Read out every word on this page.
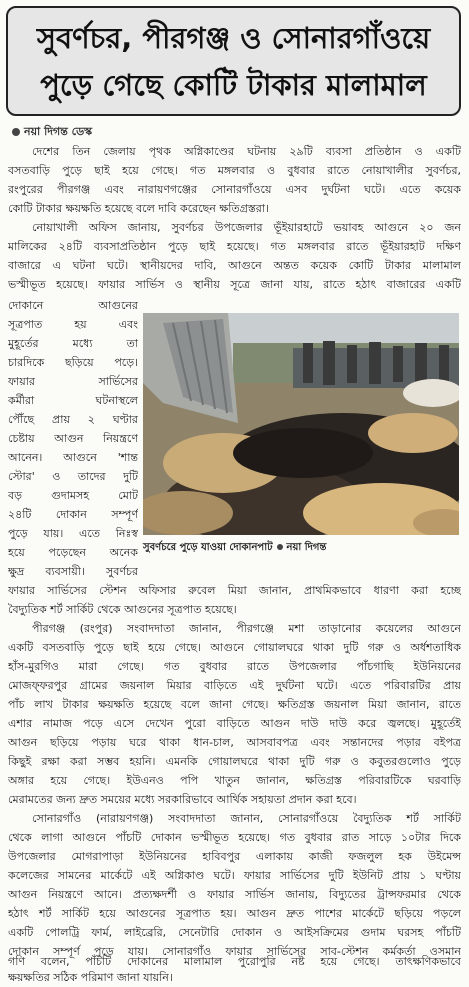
সুবর্ণচর, পীরগঞ্জ ও সোনারগাঁওয়ে
পুড়ে গেছে কোটি টাকার মালামাল
নয়া দিগন্ত ডেস্ক
দেশের তিন জেলায় পৃথক অগ্নিকাণ্ডের ঘটনায় ২৯টি ব্যবসা প্রতিষ্ঠান ও একটি
বসতবাড়ি পুড়ে ছাই হয়ে গেছে। গত মঙ্গলবার ও বুধবার রাতে নোয়াখালীর সুবর্ণচর,
রংপুরের পীরগঞ্জ এবং নারায়ণগঞ্জের সোনারগাঁওয়ে এসব দুর্ঘটনা ঘটে। এতে কয়েক
কোটি টাকার ক্ষয়ক্ষতি হয়েছে বলে দাবি করেছেন ক্ষতিগ্রস্তরা।
নোয়াখালী অফিস জানায়, সুবর্ণচর উপজেলার ভূঁইয়ারহাটে ভয়াবহ আগুনে ২০ জন
মালিকের ২৪টি ব্যবসাপ্রতিষ্ঠান পুড়ে ছাই হয়েছে। গত মঙ্গলবার রাতে ভূঁইয়ারহাট দক্ষিণ
বাজারে এ ঘটনা ঘটে। স্থানীয়দের দাবি, আগুনে অন্তত কয়েক কোটি টাকার মালামাল
ভস্মীভূত হয়েছে। ফায়ার সার্ভিস ও স্থানীয় সূত্রে জানা যায়, রাতে হঠাৎ বাজারের একটি
দোকানে আগুনের
সূত্রপাত হয় এবং
মুহূর্তের মধ্যে তা
চারদিকে ছড়িয়ে পড়ে।
ফায়ার সার্ভিসের
কর্মীরা ঘটনাস্থলে
পৌঁছে প্রায় ২ ঘণ্টার
চেষ্টায় আগুন নিয়ন্ত্রণে
আনেন। আগুনে 'শান্ত
স্টোর' ও তাদের দুটি
বড় গুদামসহ মোট
২৪টি দোকান সম্পূর্ণ
পুড়ে যায়। এতে নিঃস্ব
হয়ে পড়েছেন অনেক
ক্ষুদ্র ব্যবসায়ী। সুবর্ণচর
সুবর্ণচরে পুড়ে যাওয়া দোকানপাট নয়া দিগন্ত
ফায়ার সার্ভিসের স্টেশন অফিসার রুবেল মিয়া জানান, প্রাথমিকভাবে ধারণা করা হচ্ছে
বৈদ্যুতিক শর্ট সার্কিট থেকে আগুনের সূত্রপাত হয়েছে।
পীরগঞ্জ (রংপুর) সংবাদদাতা জানান, পীরগঞ্জে মশা তাড়ানোর কয়েলের আগুনে
একটি বসতবাড়ি পুড়ে ছাই হয়ে গেছে। আগুনে গোয়ালঘরে থাকা দুটি গরু ও অর্ধশতাধিক
হাঁস-মুরগিও মারা গেছে। গত বুধবার রাতে উপজেলার পাঁচগাছি ইউনিয়নের
মোজফ্ফরপুর গ্রামের জয়নাল মিয়ার বাড়িতে এই দুর্ঘটনা ঘটে। এতে পরিবারটির প্রায়
পাঁচ লাখ টাকার ক্ষয়ক্ষতি হয়েছে বলে জানা গেছে। ক্ষতিগ্রস্ত জয়নাল মিয়া জানান, রাতে
এশার নামাজ পড়ে এসে দেখেন পুরো বাড়িতে আগুন দাউ দাউ করে জ্বলছে। মুহূর্তেই
আগুন ছড়িয়ে পড়ায় ঘরে থাকা ধান-চাল, আসবাবপত্র এবং সন্তানদের পড়ার বইপত্র
কিছুই রক্ষা করা সম্ভব হয়নি। এমনকি গোয়ালঘরে থাকা দুটি গরু ও কবুতরগুলোও পুড়ে
অঙ্গার হয়ে গেছে। ইউএনও পপি খাতুন জানান, ক্ষতিগ্রস্ত পরিবারটিকে ঘরবাড়ি
মেরামতের জন্য দ্রুত সময়ের মধ্যে সরকারিভাবে আর্থিক সহায়তা প্রদান করা হবে।
সোনারগাঁও (নারায়ণগঞ্জ) সংবাদদাতা জানান, সোনারগাঁওয়ে বৈদ্যুতিক শর্ট সার্কিট
থেকে লাগা আগুনে পাঁচটি দোকান ভস্মীভূত হয়েছে। গত বুধবার রাত সাড়ে ১০টার দিকে
উপজেলার মোগরাপাড়া ইউনিয়নের হাবিবপুর এলাকায় কাজী ফজলুল হক উইমেন্স
কলেজের সামনের মার্কেটে এই অগ্নিকাণ্ড ঘটে। ফায়ার সার্ভিসের দুটি ইউনিট প্রায় ১ ঘণ্টায়
আগুন নিয়ন্ত্রণে আনে। প্রত্যক্ষদর্শী ও ফায়ার সার্ভিস জানায়, বিদ্যুতের ট্রান্সফরমার থেকে
হঠাৎ শর্ট সার্কিট হয়ে আগুনের সূত্রপাত হয়। আগুন দ্রুত পাশের মার্কেটে ছড়িয়ে পড়লে
একটি পোলট্রি ফার্ম, লাইব্রেরি, সেনেটারি দোকান ও আইসক্রিমের গুদাম ঘরসহ পাঁচটি
দোকান সম্পূর্ণ পুড়ে যায়। সোনারগাঁও ফায়ার সার্ভিসের সাব-স্টেশন কর্মকর্তা ওসমান
গণি বলেন, পাঁচটি দোকানের মালামাল পুরোপুরি নষ্ট হয়ে গেছে। তাৎক্ষণিকভাবে
ক্ষয়ক্ষতির সঠিক পরিমাণ জানা যায়নি।
